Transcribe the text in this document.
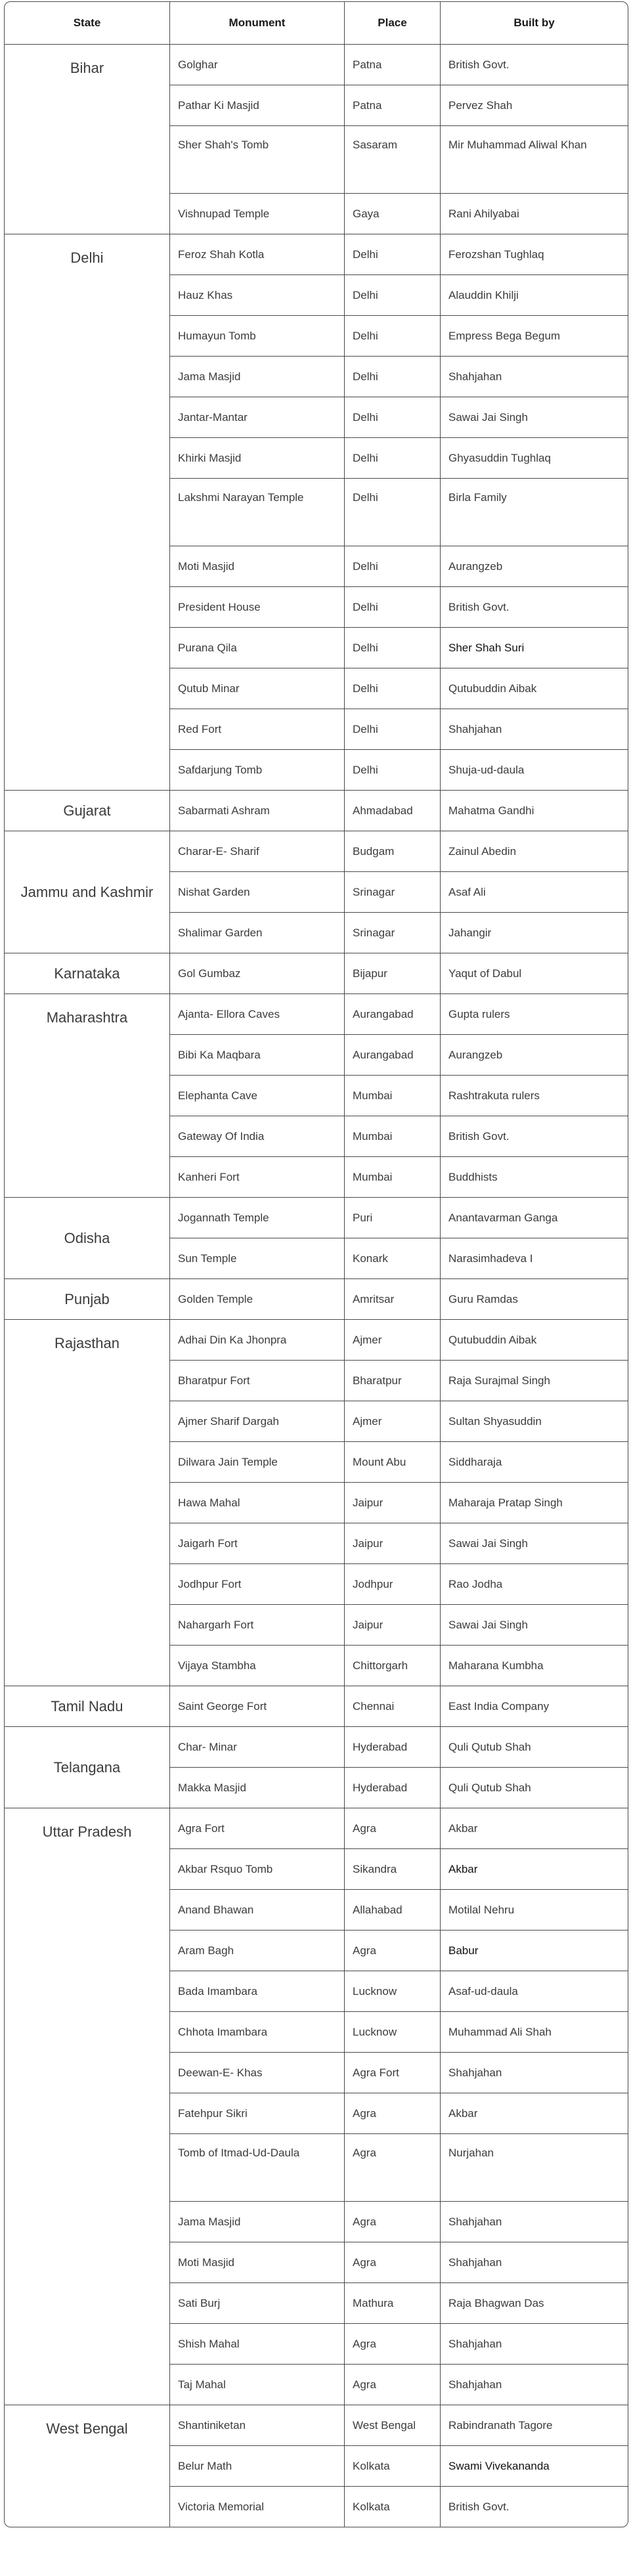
State	Monument	Place	Built by
Bihar	Golghar	Patna	British Govt.
	Pathar Ki Masjid	Patna	Pervez Shah
	Sher Shah's Tomb	Sasaram	Mir Muhammad Aliwal Khan
	Vishnupad Temple	Gaya	Rani Ahilyabai
Delhi	Feroz Shah Kotla	Delhi	Ferozshan Tughlaq
	Hauz Khas	Delhi	Alauddin Khilji
	Humayun Tomb	Delhi	Empress Bega Begum
	Jama Masjid	Delhi	Shahjahan
	Jantar-Mantar	Delhi	Sawai Jai Singh
	Khirki Masjid	Delhi	Ghyasuddin Tughlaq
	Lakshmi Narayan Temple	Delhi	Birla Family
	Moti Masjid	Delhi	Aurangzeb
	President House	Delhi	British Govt.
	Purana Qila	Delhi	Sher Shah Suri
	Qutub Minar	Delhi	Qutubuddin Aibak
	Red Fort	Delhi	Shahjahan
	Safdarjung Tomb	Delhi	Shuja-ud-daula
Gujarat	Sabarmati Ashram	Ahmadabad	Mahatma Gandhi
Jammu and Kashmir	Charar-E- Sharif	Budgam	Zainul Abedin
	Nishat Garden	Srinagar	Asaf Ali
	Shalimar Garden	Srinagar	Jahangir
Karnataka	Gol Gumbaz	Bijapur	Yaqut of Dabul
Maharashtra	Ajanta- Ellora Caves	Aurangabad	Gupta rulers
	Bibi Ka Maqbara	Aurangabad	Aurangzeb
	Elephanta Cave	Mumbai	Rashtrakuta rulers
	Gateway Of India	Mumbai	British Govt.
	Kanheri Fort	Mumbai	Buddhists
Odisha	Jogannath Temple	Puri	Anantavarman Ganga
	Sun Temple	Konark	Narasimhadeva I
Punjab	Golden Temple	Amritsar	Guru Ramdas
Rajasthan	Adhai Din Ka Jhonpra	Ajmer	Qutubuddin Aibak
	Bharatpur Fort	Bharatpur	Raja Surajmal Singh
	Ajmer Sharif Dargah	Ajmer	Sultan Shyasuddin
	Dilwara Jain Temple	Mount Abu	Siddharaja
	Hawa Mahal	Jaipur	Maharaja Pratap Singh
	Jaigarh Fort	Jaipur	Sawai Jai Singh
	Jodhpur Fort	Jodhpur	Rao Jodha
	Nahargarh Fort	Jaipur	Sawai Jai Singh
	Vijaya Stambha	Chittorgarh	Maharana Kumbha
Tamil Nadu	Saint George Fort	Chennai	East India Company
Telangana	Char- Minar	Hyderabad	Quli Qutub Shah
	Makka Masjid	Hyderabad	Quli Qutub Shah
Uttar Pradesh	Agra Fort	Agra	Akbar
	Akbar Rsquo Tomb	Sikandra	Akbar
	Anand Bhawan	Allahabad	Motilal Nehru
	Aram Bagh	Agra	Babur
	Bada Imambara	Lucknow	Asaf-ud-daula
	Chhota Imambara	Lucknow	Muhammad Ali Shah
	Deewan-E- Khas	Agra Fort	Shahjahan
	Fatehpur Sikri	Agra	Akbar
	Tomb of Itmad-Ud-Daula	Agra	Nurjahan
	Jama Masjid	Agra	Shahjahan
	Moti Masjid	Agra	Shahjahan
	Sati Burj	Mathura	Raja Bhagwan Das
	Shish Mahal	Agra	Shahjahan
	Taj Mahal	Agra	Shahjahan
West Bengal	Shantiniketan	West Bengal	Rabindranath Tagore
	Belur Math	Kolkata	Swami Vivekananda
	Victoria Memorial	Kolkata	British Govt.
